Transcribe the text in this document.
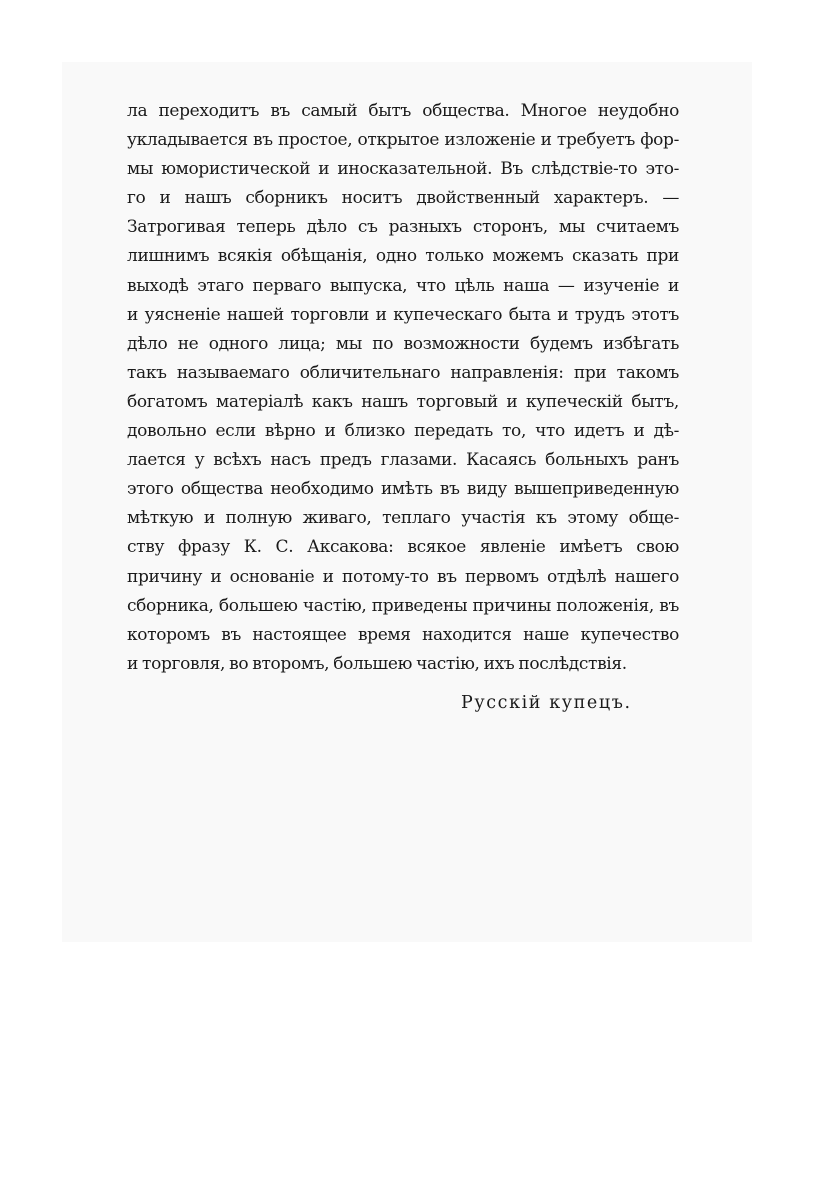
ла переходитъ въ самый бытъ общества. Многое неудобно
укладывается въ простое, открытое изложеніе и требуетъ фор-
мы юмористической и иносказательной. Въ слѣдствіе-то это-
го и нашъ сборникъ носитъ двойственный характеръ. —
Затрогивая теперь дѣло съ разныхъ сторонъ, мы считаемъ
лишнимъ всякія обѣщанія, одно только можемъ сказать при
выходѣ этаго перваго выпуска, что цѣль наша — изученіе и
и уясненіе нашей торговли и купеческаго быта и трудъ этотъ
дѣло не одного лица; мы по возможности будемъ избѣгать
такъ называемаго обличительнаго направленія: при такомъ
богатомъ матеріалѣ какъ нашъ торговый и купеческій бытъ,
довольно если вѣрно и близко передать то, что идетъ и дѣ-
лается у всѣхъ насъ предъ глазами. Касаясь больныхъ ранъ
этого общества необходимо имѣть въ виду вышеприведенную
мѣткую и полную живаго, теплаго участія къ этому обще-
ству фразу К. С. Аксакова: всякое явленіе имѣетъ свою
причину и основаніе и потому-то въ первомъ отдѣлѣ нашего
сборника, большею частію, приведены причины положенія, въ
которомъ въ настоящее время находится наше купечество
и торговля, во второмъ, большею частію, ихъ послѣдствія.
Русскій купецъ.
